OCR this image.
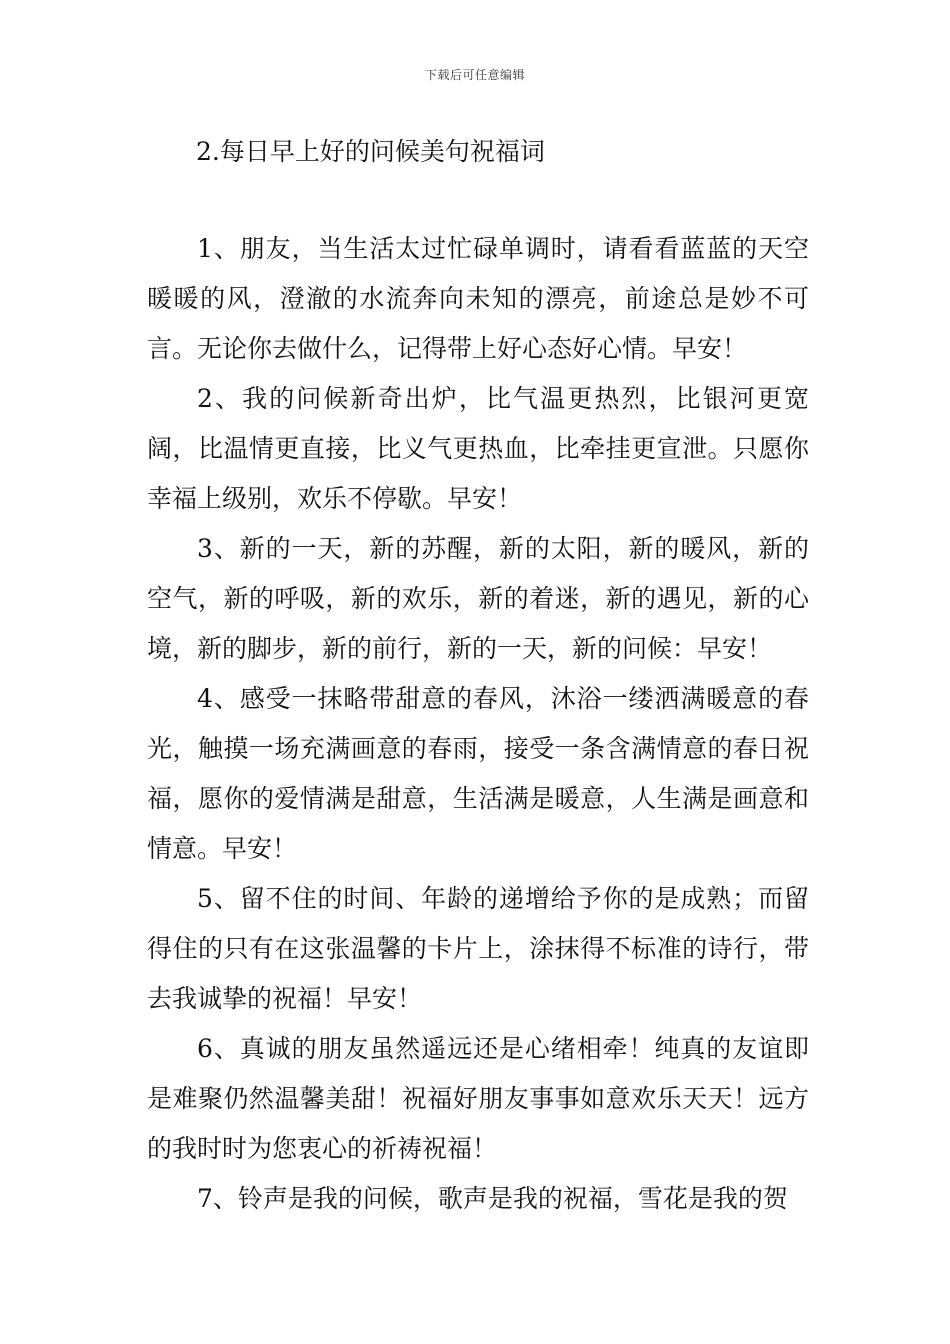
下载后可任意编辑
2.每日早上好的问候美句祝福词

1、朋友，当生活太过忙碌单调时，请看看蓝蓝的天空暖暖的风，澄澈的水流奔向未知的漂亮，前途总是妙不可言。无论你去做什么，记得带上好心态好心情。早安！

2、我的问候新奇出炉，比气温更热烈，比银河更宽阔，比温情更直接，比义气更热血，比牵挂更宣泄。只愿你幸福上级别，欢乐不停歇。早安！

3、新的一天，新的苏醒，新的太阳，新的暖风，新的空气，新的呼吸，新的欢乐，新的着迷，新的遇见，新的心境，新的脚步，新的前行，新的一天，新的问候：早安！

4、感受一抹略带甜意的春风，沐浴一缕洒满暖意的春光，触摸一场充满画意的春雨，接受一条含满情意的春日祝福，愿你的爱情满是甜意，生活满是暖意，人生满是画意和情意。早安！

5、留不住的时间、年龄的递增给予你的是成熟；而留得住的只有在这张温馨的卡片上，涂抹得不标准的诗行，带去我诚挚的祝福！早安！

6、真诚的朋友虽然遥远还是心绪相牵！纯真的友谊即是难聚仍然温馨美甜！祝福好朋友事事如意欢乐天天！远方的我时时为您衷心的祈祷祝福！

7、铃声是我的问候，歌声是我的祝福，雪花是我的贺
